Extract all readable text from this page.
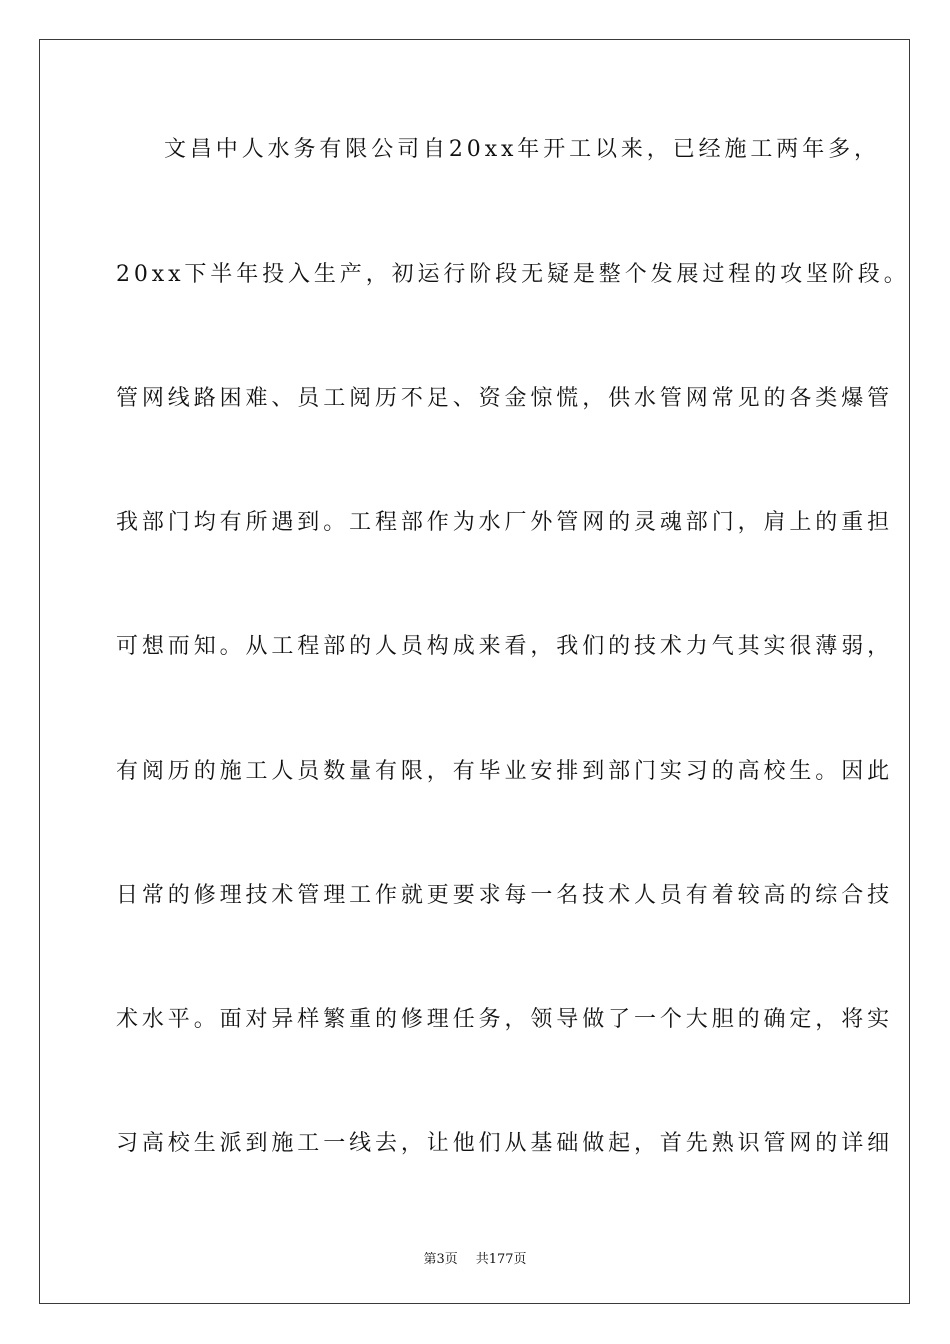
文昌中人水务有限公司自20xx年开工以来，已经施工两年多，
20xx下半年投入生产，初运行阶段无疑是整个发展过程的攻坚阶段。
管网线路困难、员工阅历不足、资金惊慌，供水管网常见的各类爆管
我部门均有所遇到。工程部作为水厂外管网的灵魂部门，肩上的重担
可想而知。从工程部的人员构成来看，我们的技术力气其实很薄弱，
有阅历的施工人员数量有限，有毕业安排到部门实习的高校生。因此
日常的修理技术管理工作就更要求每一名技术人员有着较高的综合技
术水平。面对异样繁重的修理任务，领导做了一个大胆的确定，将实
习高校生派到施工一线去，让他们从基础做起，首先熟识管网的详细
第3页 共177页
